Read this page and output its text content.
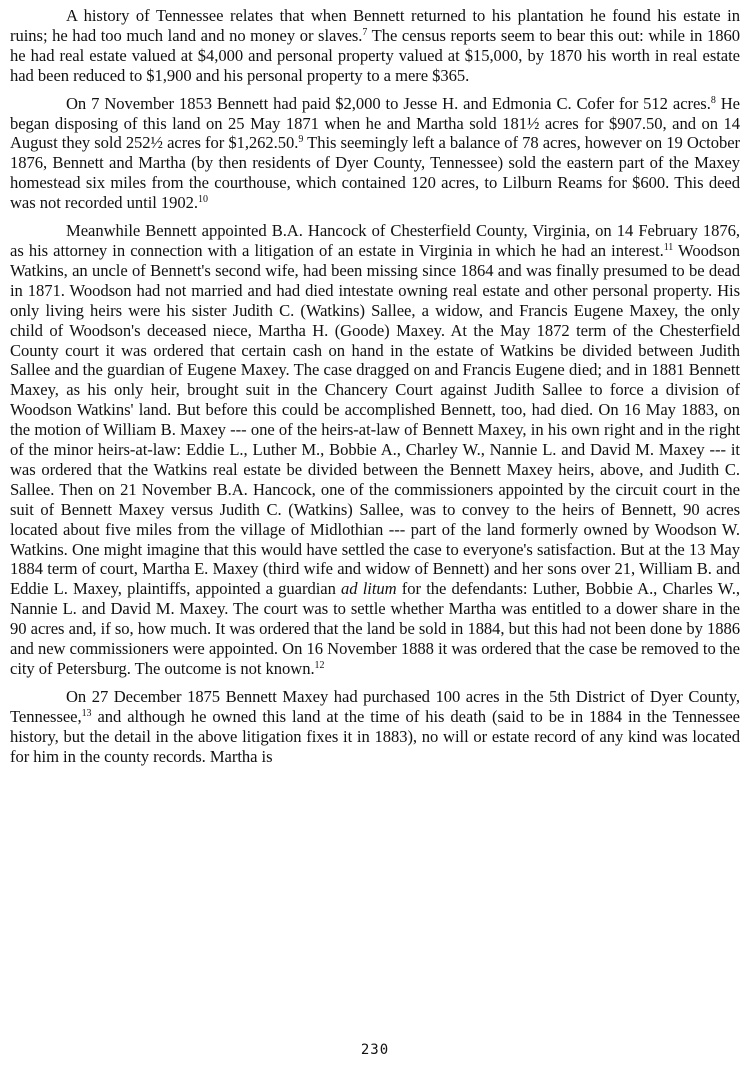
A history of Tennessee relates that when Bennett returned to his plantation he found his estate in ruins; he had too much land and no money or slaves.$^7$ The census reports seem to bear this out: while in 1860 he had real estate valued at $4,000 and personal property valued at $15,000, by 1870 his worth in real estate had been reduced to $1,900 and his personal property to a mere $365.

On 7 November 1853 Bennett had paid $2,000 to Jesse H. and Edmonia C. Cofer for 512 acres.$^8$ He began disposing of this land on 25 May 1871 when he and Martha sold 181½ acres for $907.50, and on 14 August they sold 252½ acres for $1,262.50.$^9$ This seemingly left a balance of 78 acres, however on 19 October 1876, Bennett and Martha (by then residents of Dyer County, Tennessee) sold the eastern part of the Maxey homestead six miles from the courthouse, which contained 120 acres, to Lilburn Reams for $600. This deed was not recorded until 1902.10

Meanwhile Bennett appointed B.A. Hancock of Chesterfield County, Virginia, on 14 February 1876, as his attorney in connection with a litigation of an estate in Virginia in which he had an interest.$^{11}$ Woodson Watkins, an uncle of Bennett's second wife, had been missing since 1864 and was finally presumed to be dead in 1871. Woodson had not married and had died intestate owning real estate and other personal property. His only living heirs were his sister Judith C. (Watkins) Sallee, a widow, and Francis Eugene Maxey, the only child of Woodson's deceased niece, Martha H. (Goode) Maxey. At the May 1872 term of the Chesterfield County court it was ordered that certain cash on hand in the estate of Watkins be divided between Judith Sallee and the guardian of Eugene Maxey. The case dragged on and Francis Eugene died; and in 1881 Bennett Maxey, as his only heir, brought suit in the Chancery Court against Judith Sallee to force a division of Woodson Watkins' land. But before this could be accomplished Bennett, too, had died. On 16 May 1883, on the motion of William B. Maxey --- one of the heirs-at-law of Bennett Maxey, in his own right and in the right of the minor heirs-at-law: Eddie L., Luther M., Bobbie A., Charley W., Nannie L. and David M. Maxey --- it was ordered that the Watkins real estate be divided between the Bennett Maxey heirs, above, and Judith C. Sallee. Then on 21 November B.A. Hancock, one of the commissioners appointed by the circuit court in the suit of Bennett Maxey versus Judith C. (Watkins) Sallee, was to convey to the heirs of Bennett, 90 acres located about five miles from the village of Midlothian --- part of the land formerly owned by Woodson W. Watkins. One might imagine that this would have settled the case to everyone's satisfaction. But at the 13 May 1884 term of court, Martha E. Maxey (third wife and widow of Bennett) and her sons over 21, William B. and Eddie L. Maxey, plaintiffs, appointed a guardian ad litum for the defendants: Luther, Bobbie A., Charles W., Nannie L. and David M. Maxey. The court was to settle whether Martha was entitled to a dower share in the 90 acres and, if so, how much. It was ordered that the land be sold in 1884, but this had not been done by 1886 and new commissioners were appointed. On 16 November 1888 it was ordered that the case be removed to the city of Petersburg. The outcome is not known.$^{12}$

On 27 December 1875 Bennett Maxey had purchased 100 acres in the 5th District of Dyer County, Tennessee,$^{13}$ and although he owned this land at the time of his death (said to be in 1884 in the Tennessee history, but the detail in the above litigation fixes it in 1883), no will or estate record of any kind was located for him in the county records. Martha is

230
